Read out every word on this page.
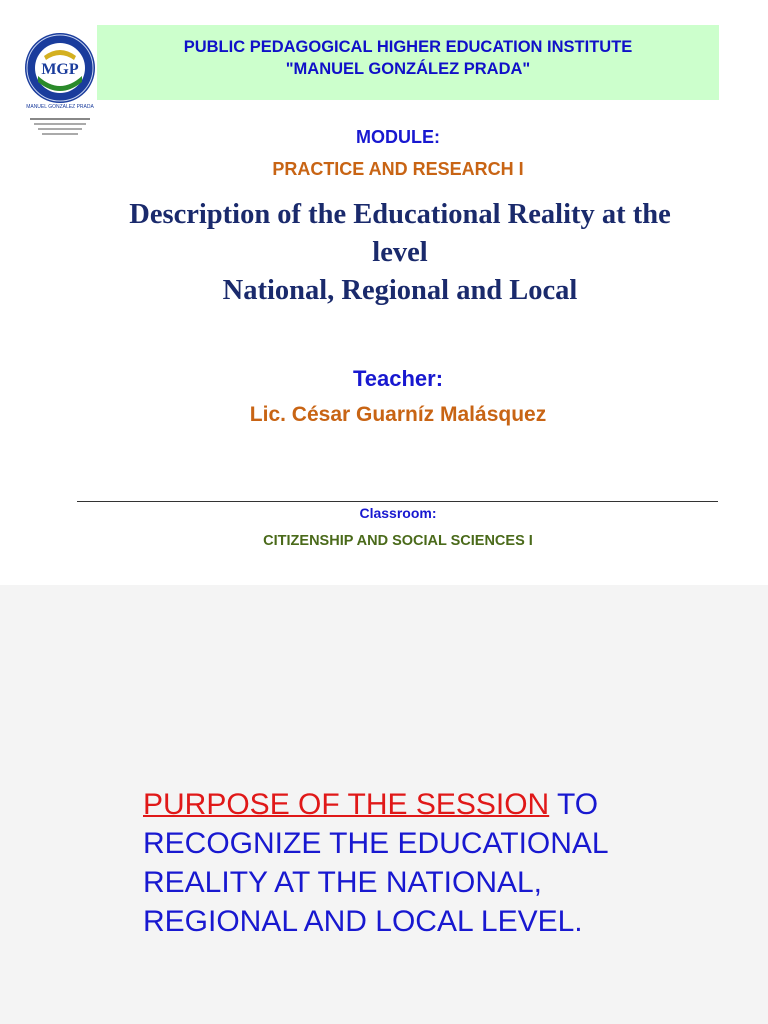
MGP
MANUEL GONZALEZ PRADA
PUBLIC PEDAGOGICAL HIGHER EDUCATION INSTITUTE
"MANUEL GONZÁLEZ PRADA"
MODULE:
PRACTICE AND RESEARCH I
Description of the Educational Reality at the
level
National, Regional and Local
Teacher:
Lic. César Guarníz Malásquez
Classroom:
CITIZENSHIP AND SOCIAL SCIENCES I
PURPOSE OF THE SESSION TO RECOGNIZE THE EDUCATIONAL REALITY AT THE NATIONAL, REGIONAL AND LOCAL LEVEL.
